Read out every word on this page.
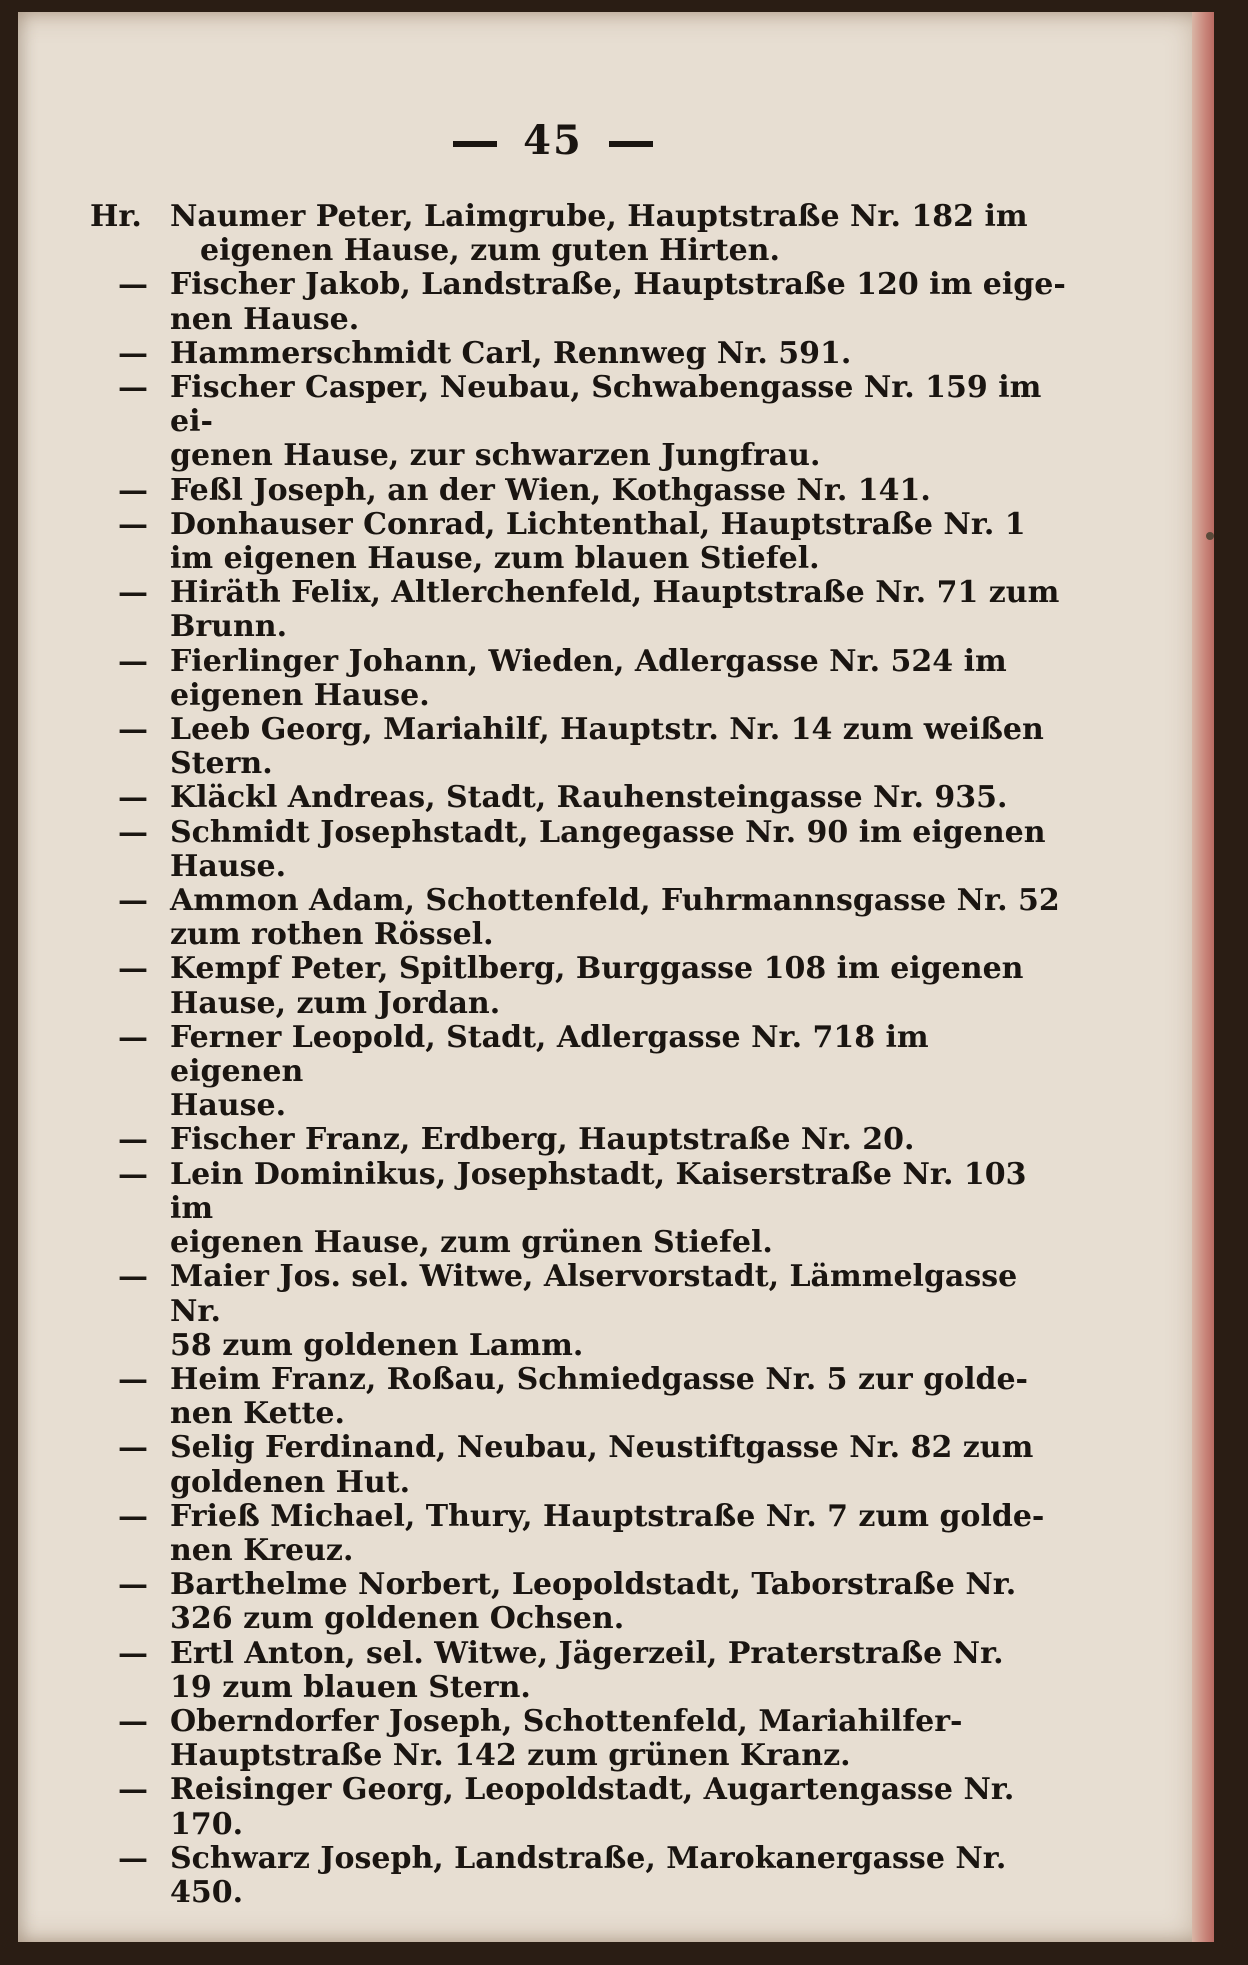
45
Hr. Naumer Peter, Laimgrube, Hauptstraße Nr. 182 im
eigenen Hause, zum guten Hirten.
— Fischer Jakob, Landstraße, Hauptstraße 120 im eige-
nen Hause.
— Hammerschmidt Carl, Rennweg Nr. 591.
— Fischer Casper, Neubau, Schwabengasse Nr. 159 im ei-
genen Hause, zur schwarzen Jungfrau.
— Feßl Joseph, an der Wien, Kothgasse Nr. 141.
— Donhauser Conrad, Lichtenthal, Hauptstraße Nr. 1
im eigenen Hause, zum blauen Stiefel.
— Hiräth Felix, Altlerchenfeld, Hauptstraße Nr. 71 zum
Brunn.
— Fierlinger Johann, Wieden, Adlergasse Nr. 524 im
eigenen Hause.
— Leeb Georg, Mariahilf, Hauptstr. Nr. 14 zum weißen
Stern.
— Kläckl Andreas, Stadt, Rauhensteingasse Nr. 935.
— Schmidt Josephstadt, Langegasse Nr. 90 im eigenen
Hause.
— Ammon Adam, Schottenfeld, Fuhrmannsgasse Nr. 52
zum rothen Rössel.
— Kempf Peter, Spitlberg, Burggasse 108 im eigenen
Hause, zum Jordan.
— Ferner Leopold, Stadt, Adlergasse Nr. 718 im eigenen
Hause.
— Fischer Franz, Erdberg, Hauptstraße Nr. 20.
— Lein Dominikus, Josephstadt, Kaiserstraße Nr. 103 im
eigenen Hause, zum grünen Stiefel.
— Maier Jos. sel. Witwe, Alservorstadt, Lämmelgasse Nr.
58 zum goldenen Lamm.
— Heim Franz, Roßau, Schmiedgasse Nr. 5 zur golde-
nen Kette.
— Selig Ferdinand, Neubau, Neustiftgasse Nr. 82 zum
goldenen Hut.
— Frieß Michael, Thury, Hauptstraße Nr. 7 zum golde-
nen Kreuz.
— Barthelme Norbert, Leopoldstadt, Taborstraße Nr.
326 zum goldenen Ochsen.
— Ertl Anton, sel. Witwe, Jägerzeil, Praterstraße Nr.
19 zum blauen Stern.
— Oberndorfer Joseph, Schottenfeld, Mariahilfer-
Hauptstraße Nr. 142 zum grünen Kranz.
— Reisinger Georg, Leopoldstadt, Augartengasse Nr. 170.
— Schwarz Joseph, Landstraße, Marokanergasse Nr. 450.
